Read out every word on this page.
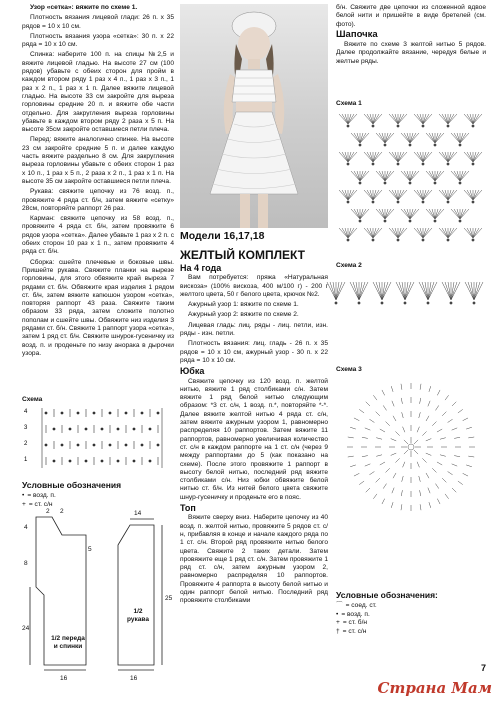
Узор «сетка»: вяжите по схеме 1.

Плотность вязания лицевой глади: 26 п. х 35 рядов = 10 х 10 см.

Плотность вязания узора «сетка»: 30 п. х 22 ряда = 10 х 10 см.

Спинка: наберите 100 п. на спицы №2,5 и вяжите лицевой гладью. На высоте 27 см (100 рядов) убавьте с обеих сторон для пройм в каждом втором ряду 1 раз х 4 п., 1 раз х 3 п., 1 раз х 2 п., 1 раз х 1 п. Далее вяжите лицевой гладью. На высоте 33 см закройте для выреза горловины средние 20 п. и вяжите обе части отдельно. Для закругления выреза горловины убавьте в каждом втором ряду 2 раза х 5 п. На высоте 35см закройте оставшиеся петли плеча.

Перед: вяжите аналогично спинке. На высоте 23 см закройте средние 5 п. и далее каждую часть вяжите раздельно 8 см. Для закругления выреза горловины убавьте с обеих сторон 1 раз х 10 п., 1 раз х 5 п., 2 раза х 2 п., 1 раз х 1 п. На высоте 35 см закройте оставшиеся петли плеча.

Рукава: свяжите цепочку из 76 возд. п., провяжите 4 ряда ст. б/н, затем вяжите «сетку» 28см, повторяйте раппорт 26 раз.

Карман: свяжите цепочку из 58 возд. п., провяжите 4 ряда ст. б/н, затем провяжите 6 рядов узора «сетка». Далее убавьте 1 раз х 2 п. с обеих сторон 10 раз х 1 п., затем провяжите 4 ряда ст. б/н.

Сборка: сшейте плечевые и боковые швы. Пришейте рукава. Свяжите планки на вырезе горловины, для этого обвяжите край выреза 7 рядами ст. б/н. Обвяжите края изделия 1 рядом ст. б/н, затем вяжите капюшон узором «сетка», повторяя раппорт 43 раза. Свяжите таким образом 33 ряда, затем сложите полотно пополам и сшейте швы. Обвяжите низ изделия 3 рядами ст. б/н. Свяжите 1 раппорт узора «сетка», затем 1 ряд ст. б/н. Свяжите шнурок-гусеничку из возд. п. и проденьте по низу анорака в дырочки узора.

Схема
4
3
2
1
Условные обозначения
• = возд. п.
+ = ст. с/н
2 2
4
8
5
24
16
14
16
25
1/2 переда и спинки
1/2 рукава

Модели 16,17,18

ЖЕЛТЫЙ КОМПЛЕКТ

На 4 года

Вам потребуется: пряжа «Натуральная вискоза» (100% вискоза, 400 м/100 г) - 200 г желтого цвета, 50 г белого цвета, крючок №2.

Ажурный узор 1: вяжите по схеме 1.

Ажурный узор 2: вяжите по схеме 2.

Лицевая гладь: лиц. ряды - лиц. петли, изн. ряды - изн. петли.

Плотность вязания: лиц. гладь - 26 п. х 35 рядов = 10 х 10 см, ажурный узор - 30 п. х 22 ряда = 10 х 10 см.

Юбка

Свяжите цепочку из 120 возд. п. желтой нитью, вяжите 1 ряд столбиками с/н. Затем вяжите 1 ряд белой нитью следующим образом: *3 ст. с/н, 1 возд. п.*, повторяйте *-*. Далее вяжите желтой нитью 4 ряда ст. с/н, затем вяжите ажурным узором 1, равномерно распределяя 10 раппортов. Затем вяжите 11 раппортов, равномерно увеличивая количество ст. с/н в каждом раппорте на 1 ст. с/н (через 9 между раппортами до 5 (как показано на схеме). После этого провяжите 1 раппорт в высоту белой нитью, последний ряд вяжите столбиками с/н. Низ юбки обвяжите белой нитью ст. б/н. Из нитей белого цвета свяжите шнур-гусеничку и проденьте его в пояс.

Топ

Вяжите сверху вниз. Наберите цепочку из 40 возд. п. желтой нитью, провяжите 5 рядов ст. с/н, прибавляя в конце и начале каждого ряда по 1 ст. с/н. Второй ряд провяжите нитью белого цвета. Свяжите 2 таких детали. Затем провяжите еще 1 ряд ст. с/н. Затем провяжите 1 ряд ст. с/н, затем ажурным узором 2, равномерно распределяя 10 раппортов. Провяжите 4 раппорта в высоту белой нитью и один раппорт белой нитью. Последний ряд провяжите столбиками

б/н. Свяжите две цепочки из сложенной вдвое белой нити и пришейте в виде бретелей (см. фото).

Шапочка

Вяжите по схеме 3 желтой нитью 5 рядов. Далее продолжайте вязание, чередуя белые и желтые ряды.

Схема 1
Схема 2
Схема 3
Условные обозначения:
⌒ = соед. ст.
• = возд. п.
+ = ст. б/н
† = ст. с/н
7
Страна Мам
